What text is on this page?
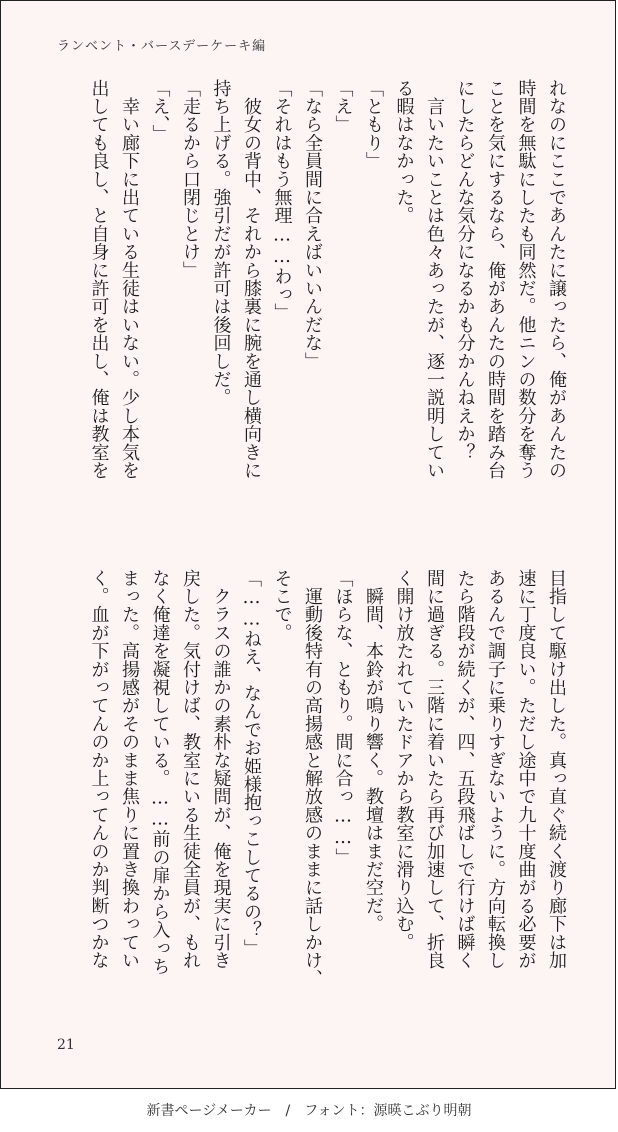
ランベント・バースデーケーキ編
れなのにここであんたに譲ったら、俺があんたの
時間を無駄にしたも同然だ。他ニンの数分を奪う
ことを気にするなら、俺があんたの時間を踏み台
にしたらどんな気分になるかも分かんねえか？
　言いたいことは色々あったが、逐一説明してい
る暇はなかった。
「ともり」
「え」
「なら全員間に合えばいいんだな」
「それはもう無理……わっ」
　彼女の背中、それから膝裏に腕を通し横向きに
持ち上げる。強引だが許可は後回しだ。
「走るから口閉じとけ」
「え、」
　幸い廊下に出ている生徒はいない。少し本気を
出しても良し、と自身に許可を出し、俺は教室を
目指して駆け出した。真っ直ぐ続く渡り廊下は加
速に丁度良い。ただし途中で九十度曲がる必要が
あるんで調子に乗りすぎないように。方向転換し
たら階段が続くが、四、五段飛ばしで行けば瞬く
間に過ぎる。三階に着いたら再び加速して、折良
く開け放たれていたドアから教室に滑り込む。
　瞬間、本鈴が鳴り響く。教壇はまだ空だ。
「ほらな、ともり。間に合っ……」
　運動後特有の高揚感と解放感のままに話しかけ、
そこで。
「……ねえ、なんでお姫様抱っこしてるの？」
　クラスの誰かの素朴な疑問が、俺を現実に引き
戻した。気付けば、教室にいる生徒全員が、もれ
なく俺達を凝視している。……前の扉から入っち
まった。高揚感がそのまま焦りに置き換わってい
く。血が下がってんのか上ってんのか判断つかな
21
新書ページメーカー　/　フォント：源暎こぶり明朝
